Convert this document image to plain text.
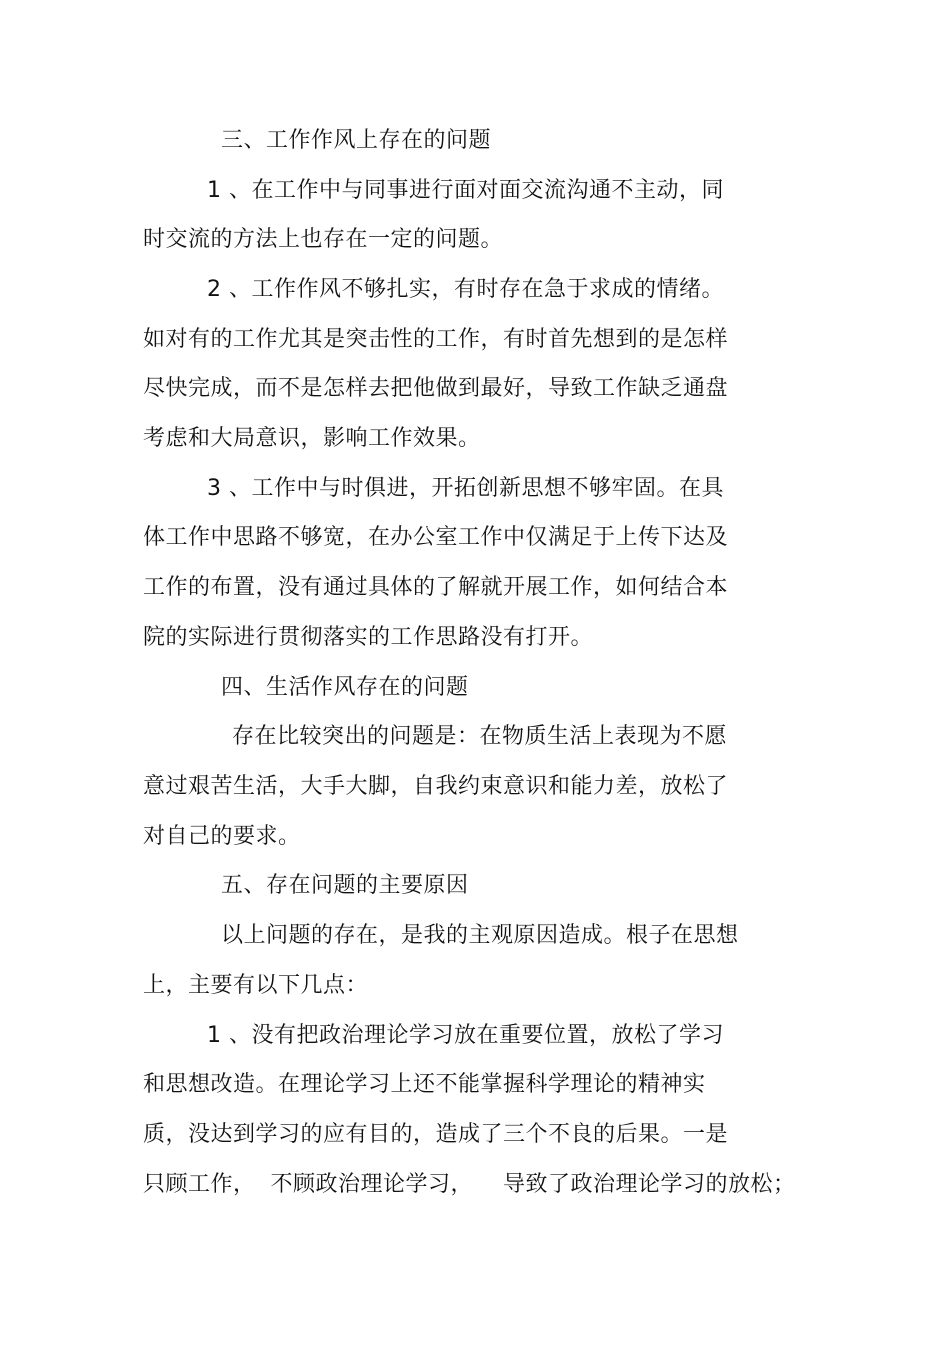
三、工作作风上存在的问题
1 、在工作中与同事进行面对面交流沟通不主动，同
时交流的方法上也存在一定的问题。
2 、工作作风不够扎实，有时存在急于求成的情绪。
如对有的工作尤其是突击性的工作，有时首先想到的是怎样
尽快完成，而不是怎样去把他做到最好，导致工作缺乏通盘
考虑和大局意识，影响工作效果。
3 、工作中与时俱进，开拓创新思想不够牢固。在具
体工作中思路不够宽，在办公室工作中仅满足于上传下达及
工作的布置，没有通过具体的了解就开展工作，如何结合本
院的实际进行贯彻落实的工作思路没有打开。
四、生活作风存在的问题
存在比较突出的问题是：在物质生活上表现为不愿
意过艰苦生活，大手大脚，自我约束意识和能力差，放松了
对自己的要求。
五、存在问题的主要原因
以上问题的存在，是我的主观原因造成。根子在思想
上，主要有以下几点：
1 、没有把政治理论学习放在重要位置，放松了学习
和思想改造。在理论学习上还不能掌握科学理论的精神实
质，没达到学习的应有目的，造成了三个不良的后果。一是
只顾工作，  不顾政治理论学习，    导致了政治理论学习的放松；
